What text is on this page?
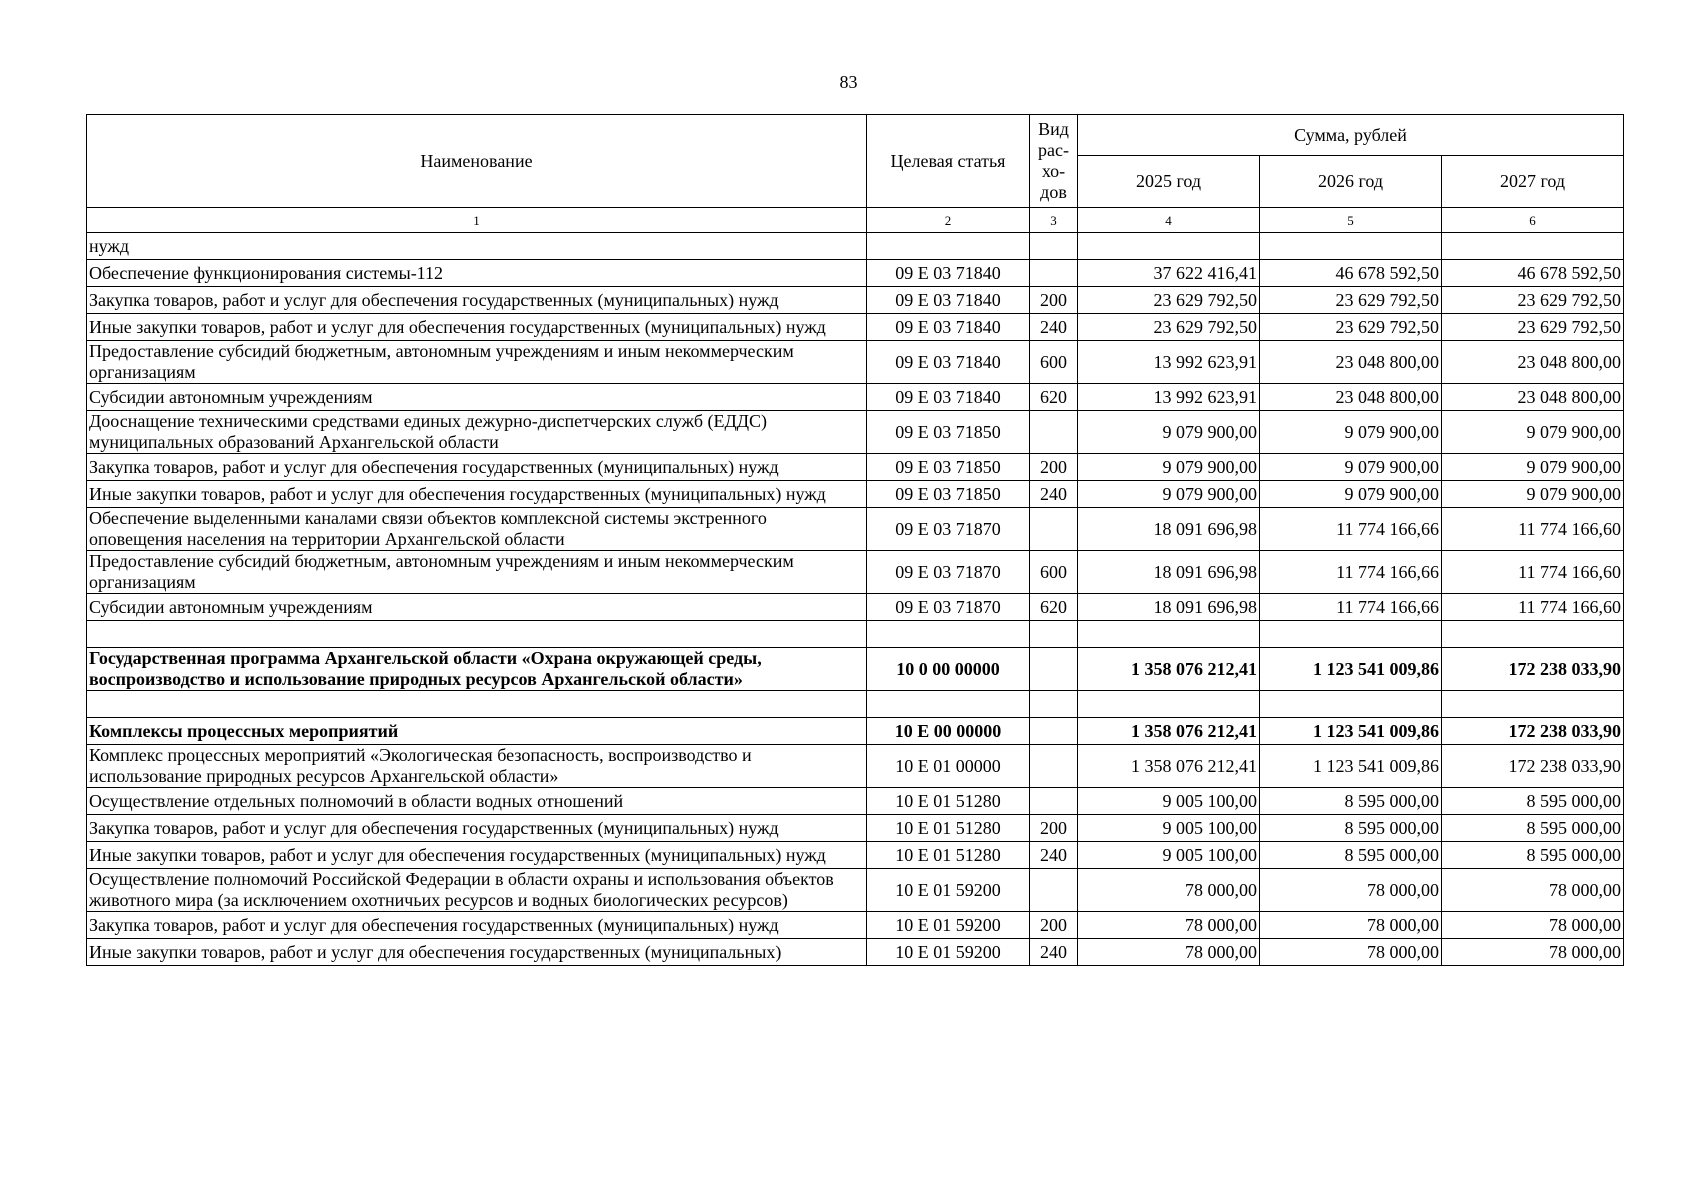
83
Наименование	Целевая статья	Вид рас-хо-дов	Сумма, рублей		
			2025 год	2026 год	2027 год
1	2	3	4	5	6
нужд					
Обеспечение функционирования системы-112	09 Е 03 71840		37 622 416,41	46 678 592,50	46 678 592,50
Закупка товаров, работ и услуг для обеспечения государственных (муниципальных) нужд	09 Е 03 71840	200	23 629 792,50	23 629 792,50	23 629 792,50
Иные закупки товаров, работ и услуг для обеспечения государственных (муниципальных) нужд	09 Е 03 71840	240	23 629 792,50	23 629 792,50	23 629 792,50
Предоставление субсидий бюджетным, автономным учреждениям и иным некоммерческим организациям	09 Е 03 71840	600	13 992 623,91	23 048 800,00	23 048 800,00
Субсидии автономным учреждениям	09 Е 03 71840	620	13 992 623,91	23 048 800,00	23 048 800,00
Дооснащение техническими средствами единых дежурно-диспетчерских служб (ЕДДС) муниципальных образований Архангельской области	09 Е 03 71850		9 079 900,00	9 079 900,00	9 079 900,00
Закупка товаров, работ и услуг для обеспечения государственных (муниципальных) нужд	09 Е 03 71850	200	9 079 900,00	9 079 900,00	9 079 900,00
Иные закупки товаров, работ и услуг для обеспечения государственных (муниципальных) нужд	09 Е 03 71850	240	9 079 900,00	9 079 900,00	9 079 900,00
Обеспечение выделенными каналами связи объектов комплексной системы экстренного оповещения населения на территории Архангельской области	09 Е 03 71870		18 091 696,98	11 774 166,66	11 774 166,60
Предоставление субсидий бюджетным, автономным учреждениям и иным некоммерческим организациям	09 Е 03 71870	600	18 091 696,98	11 774 166,66	11 774 166,60
Субсидии автономным учреждениям	09 Е 03 71870	620	18 091 696,98	11 774 166,66	11 774 166,60

Государственная программа Архангельской области «Охрана окружающей среды, воспроизводство и использование природных ресурсов Архангельской области»	10 0 00 00000		1 358 076 212,41	1 123 541 009,86	172 238 033,90

Комплексы процессных мероприятий	10 Е 00 00000		1 358 076 212,41	1 123 541 009,86	172 238 033,90
Комплекс процессных мероприятий «Экологическая безопасность, воспроизводство и использование природных ресурсов Архангельской области»	10 Е 01 00000		1 358 076 212,41	1 123 541 009,86	172 238 033,90
Осуществление отдельных полномочий в области водных отношений	10 Е 01 51280		9 005 100,00	8 595 000,00	8 595 000,00
Закупка товаров, работ и услуг для обеспечения государственных (муниципальных) нужд	10 Е 01 51280	200	9 005 100,00	8 595 000,00	8 595 000,00
Иные закупки товаров, работ и услуг для обеспечения государственных (муниципальных) нужд	10 Е 01 51280	240	9 005 100,00	8 595 000,00	8 595 000,00
Осуществление полномочий Российской Федерации в области охраны и использования объектов животного мира (за исключением охотничьих ресурсов и водных биологических ресурсов)	10 Е 01 59200		78 000,00	78 000,00	78 000,00
Закупка товаров, работ и услуг для обеспечения государственных (муниципальных) нужд	10 Е 01 59200	200	78 000,00	78 000,00	78 000,00
Иные закупки товаров, работ и услуг для обеспечения государственных (муниципальных)	10 Е 01 59200	240	78 000,00	78 000,00	78 000,00
